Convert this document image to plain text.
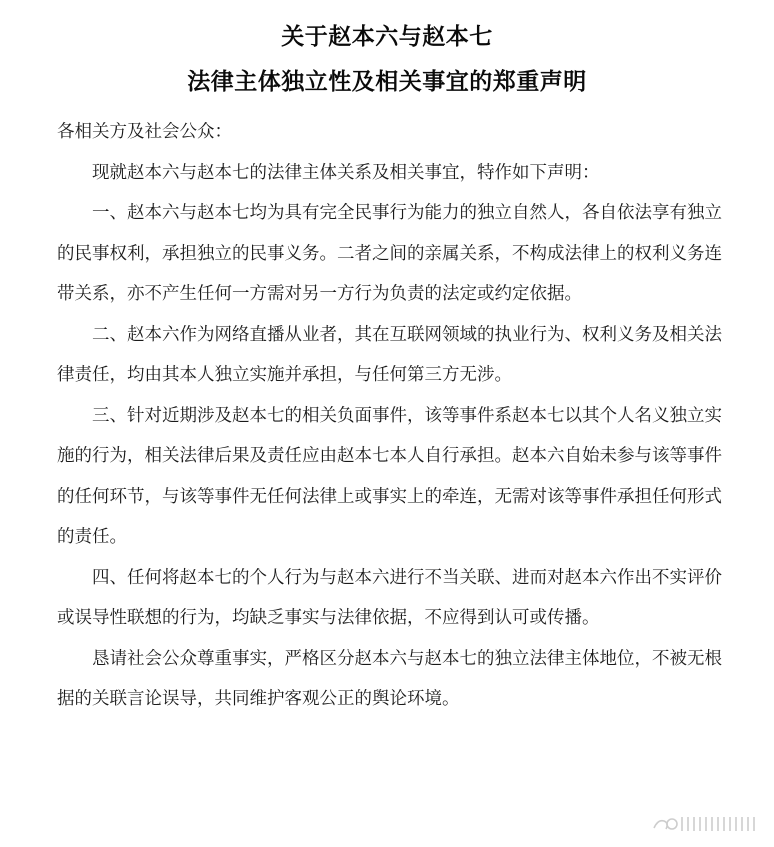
关于赵本六与赵本七
法律主体独立性及相关事宜的郑重声明

各相关方及社会公众：

现就赵本六与赵本七的法律主体关系及相关事宜，特作如下声明：

一、赵本六与赵本七均为具有完全民事行为能力的独立自然人，各自依法享有独立的民事权利，承担独立的民事义务。二者之间的亲属关系，不构成法律上的权利义务连带关系，亦不产生任何一方需对另一方行为负责的法定或约定依据。

二、赵本六作为网络直播从业者，其在互联网领域的执业行为、权利义务及相关法律责任，均由其本人独立实施并承担，与任何第三方无涉。

三、针对近期涉及赵本七的相关负面事件，该等事件系赵本七以其个人名义独立实施的行为，相关法律后果及责任应由赵本七本人自行承担。赵本六自始未参与该等事件的任何环节，与该等事件无任何法律上或事实上的牵连，无需对该等事件承担任何形式的责任。

四、任何将赵本七的个人行为与赵本六进行不当关联、进而对赵本六作出不实评价或误导性联想的行为，均缺乏事实与法律依据，不应得到认可或传播。

恳请社会公众尊重事实，严格区分赵本六与赵本七的独立法律主体地位，不被无根据的关联言论误导，共同维护客观公正的舆论环境。
